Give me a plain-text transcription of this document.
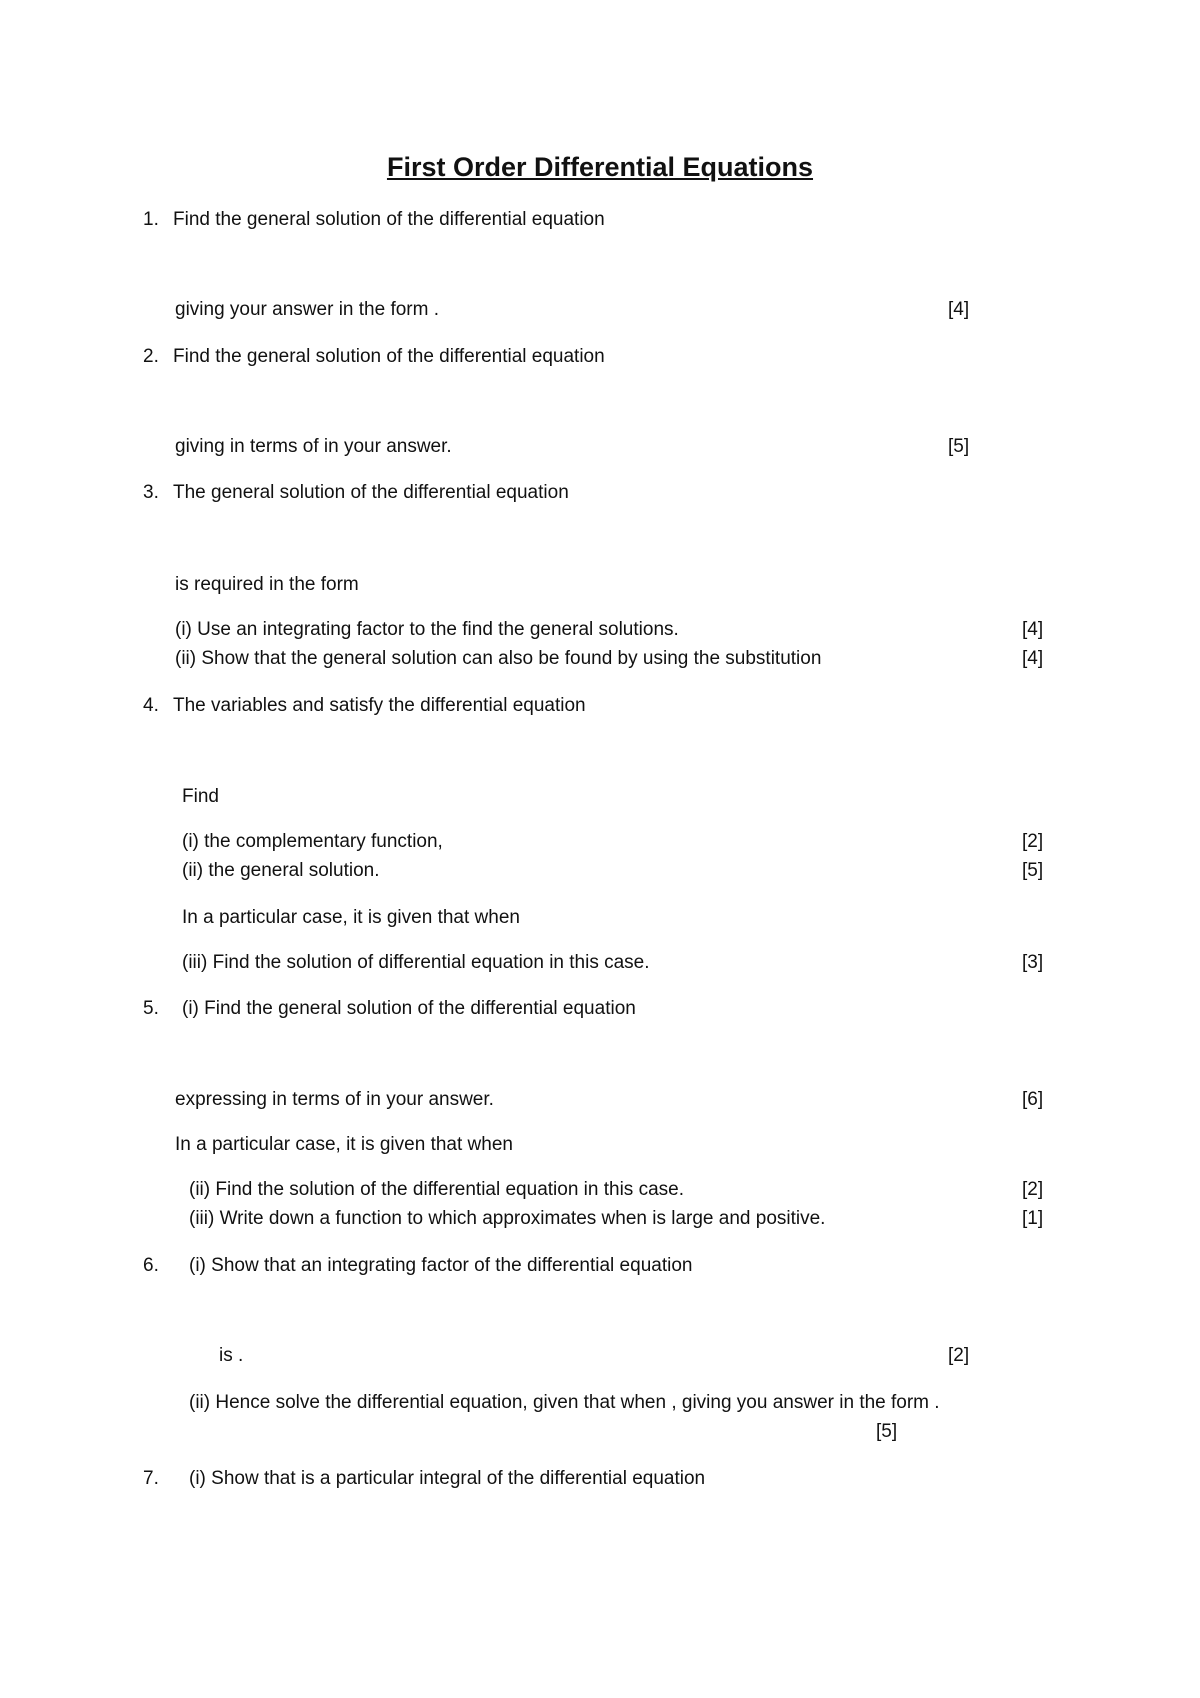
First Order Differential Equations
1. Find the general solution of the differential equation
giving your answer in the form .	[4]
2. Find the general solution of the differential equation
giving in terms of in your answer.	[5]
3. The general solution of the differential equation
is required in the form
(i) Use an integrating factor to the find the general solutions.	[4]
(ii) Show that the general solution can also be found by using the substitution	[4]
4. The variables and satisfy the differential equation
Find
(i) the complementary function,	[2]
(ii) the general solution.	[5]
In a particular case, it is given that when
(iii) Find the solution of differential equation in this case.	[3]
5. (i) Find the general solution of the differential equation
expressing in terms of in your answer.	[6]
In a particular case, it is given that when
(ii) Find the solution of the differential equation in this case.	[2]
(iii) Write down a function to which approximates when is large and positive.	[1]
6. (i) Show that an integrating factor of the differential equation
is .	[2]
(ii) Hence solve the differential equation, given that when , giving you answer in the form .
[5]
7. (i) Show that is a particular integral of the differential equation
